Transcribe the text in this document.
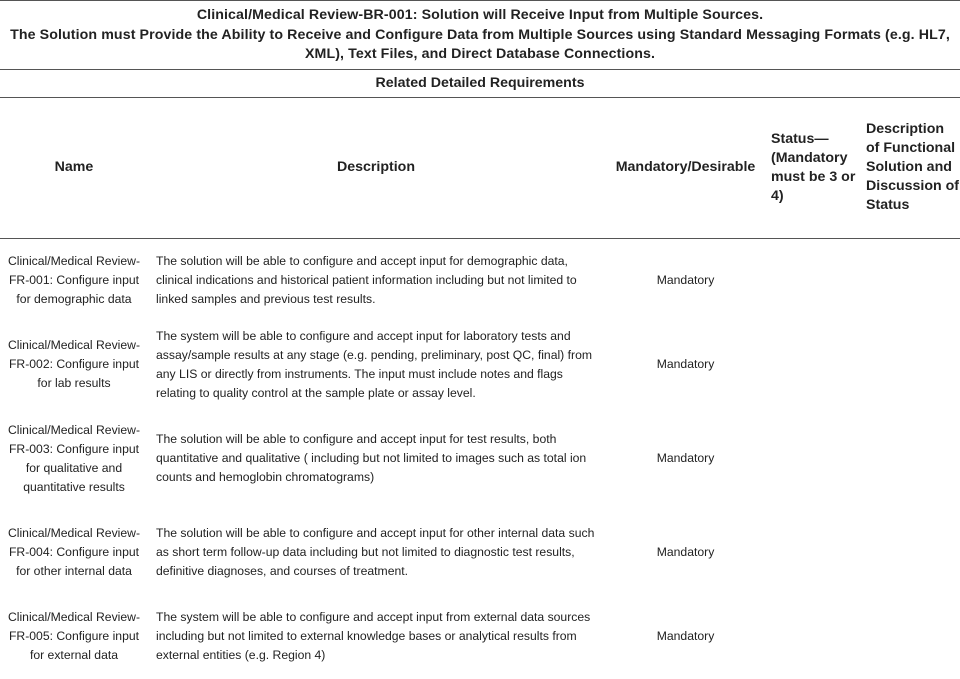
Clinical/Medical Review-BR-001: Solution will Receive Input from Multiple Sources.
The Solution must Provide the Ability to Receive and Configure Data from Multiple Sources using Standard Messaging Formats (e.g. HL7, XML), Text Files, and Direct Database Connections.
Related Detailed Requirements
Name	Description	Mandatory/Desirable	Status— (Mandatory must be 3 or 4)	Description of Functional Solution and Discussion of Status
Clinical/Medical Review-FR-001: Configure input for demographic data	The solution will be able to configure and accept input for demographic data, clinical indications and historical patient information including but not limited to linked samples and previous test results.	Mandatory		
Clinical/Medical Review-FR-002: Configure input for lab results	The system will be able to configure and accept input for laboratory tests and assay/sample results at any stage (e.g. pending, preliminary, post QC, final) from any LIS or directly from instruments. The input must include notes and flags relating to quality control at the sample plate or assay level.	Mandatory		
Clinical/Medical Review-FR-003: Configure input for qualitative and quantitative results	The solution will be able to configure and accept input for test results, both quantitative and qualitative ( including but not limited to images such as total ion counts and hemoglobin chromatograms)	Mandatory		
Clinical/Medical Review-FR-004: Configure input for other internal data	The solution will be able to configure and accept input for other internal data such as short term follow-up data including but not limited to diagnostic test results, definitive diagnoses, and courses of treatment.	Mandatory		
Clinical/Medical Review-FR-005: Configure input for external data	The system will be able to configure and accept input from external data sources including but not limited to external knowledge bases or analytical results from external entities (e.g. Region 4)	Mandatory		
